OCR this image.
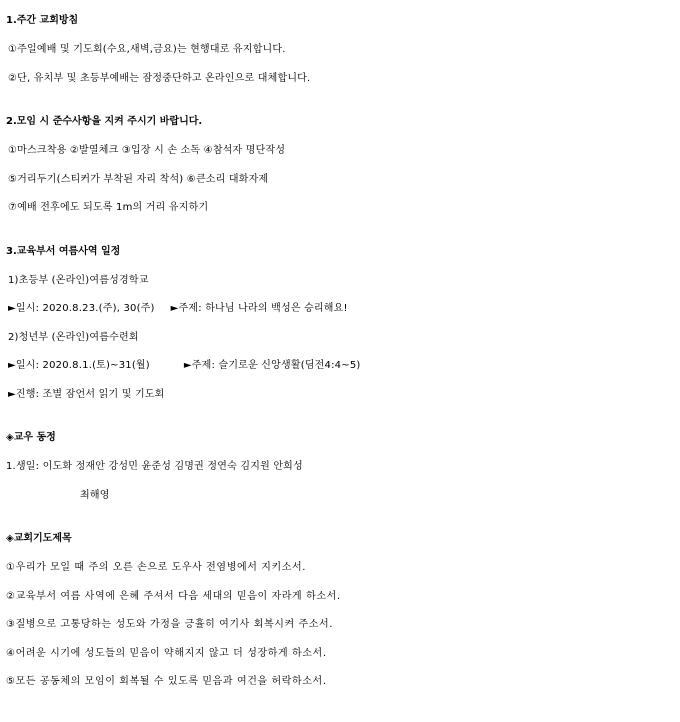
1.주간 교회방침
①주일예배 및 기도회(수요,새벽,금요)는 현행대로 유지합니다.
②단, 유치부 및 초등부예배는 잠정중단하고 온라인으로 대체합니다.
2.모임 시 준수사항을 지켜 주시기 바랍니다.
①마스크착용 ②발열체크 ③입장 시 손 소독 ④참석자 명단작성
⑤거리두기(스티커가 부착된 자리 착석) ⑥큰소리 대화자제
⑦예배 전후에도 되도록 1m의 거리 유지하기
3.교육부서 여름사역 일정
1)초등부 (온라인)여름성경학교
►일시: 2020.8.23.(주), 30(주) ►주제: 하나님 나라의 백성은 승리해요!
2)청년부 (온라인)여름수련회
►일시: 2020.8.1.(토)~31(월)	►주제: 슬기로운 신앙생활(딤전4:4~5)
►진행: 조별 잠언서 읽기 및 기도회
◈교우 동정
1.생일: 이도화 정재안 강성민 윤준성 김명권 정연숙 김지원 안희성
최해영
◈교회기도제목
①우리가 모일 때 주의 오른 손으로 도우사 전염병에서 지키소서.
②교육부서 여름 사역에 은혜 주셔서 다음 세대의 믿음이 자라게 하소서.
③질병으로 고통당하는 성도와 가정을 긍휼히 여기사 회복시켜 주소서.
④어려운 시기에 성도들의 믿음이 약해지지 않고 더 성장하게 하소서.
⑤모든 공동체의 모임이 회복될 수 있도록 믿음과 여건을 허락하소서.
